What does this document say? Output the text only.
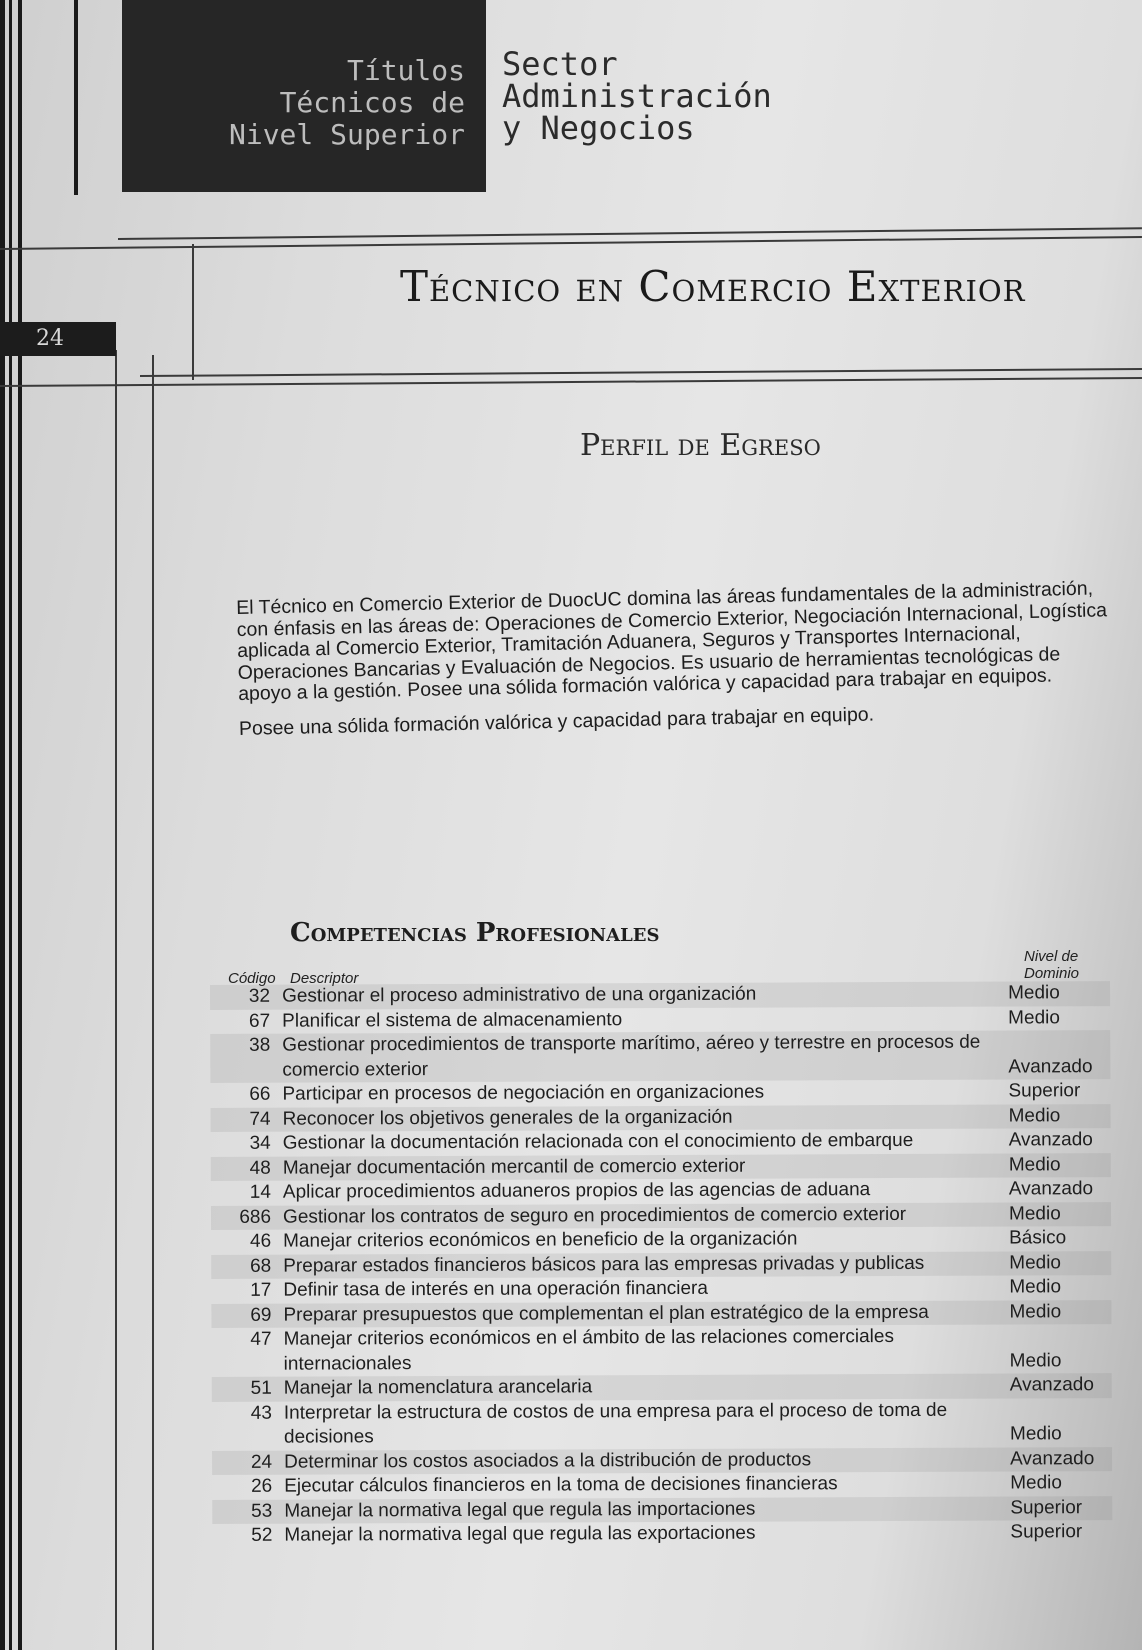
Títulos
Técnicos de
Nivel Superior
Sector
Administración
y Negocios
24
Técnico en Comercio Exterior
Perfil de Egreso

El Técnico en Comercio Exterior de DuocUC domina las áreas fundamentales de la administración, con énfasis en las áreas de: Operaciones de Comercio Exterior, Negociación Internacional, Logística aplicada al Comercio Exterior, Tramitación Aduanera, Seguros y Transportes Internacional, Operaciones Bancarias y Evaluación de Negocios. Es usuario de herramientas tecnológicas de apoyo a la gestión. Posee una sólida formación valórica y capacidad para trabajar en equipos.

Posee una sólida formación valórica y capacidad para trabajar en equipo.

Competencias Profesionales
Código Descriptor
Nivel de
Dominio
32 Gestionar el proceso administrativo de una organización	Medio
67 Planificar el sistema de almacenamiento	Medio
38 Gestionar procedimientos de transporte marítimo, aéreo y terrestre en procesos de comercio exterior	Avanzado
66 Participar en procesos de negociación en organizaciones	Superior
74 Reconocer los objetivos generales de la organización	Medio
34 Gestionar la documentación relacionada con el conocimiento de embarque	Avanzado
48 Manejar documentación mercantil de comercio exterior	Medio
14 Aplicar procedimientos aduaneros propios de las agencias de aduana	Avanzado
686 Gestionar los contratos de seguro en procedimientos de comercio exterior	Medio
46 Manejar criterios económicos en beneficio de la organización	Básico
68 Preparar estados financieros básicos para las empresas privadas y publicas	Medio
17 Definir tasa de interés en una operación financiera	Medio
69 Preparar presupuestos que complementan el plan estratégico de la empresa	Medio
47 Manejar criterios económicos en el ámbito de las relaciones comerciales internacionales	Medio
51 Manejar la nomenclatura arancelaria	Avanzado
43 Interpretar la estructura de costos de una empresa para el proceso de toma de decisiones	Medio
24 Determinar los costos asociados a la distribución de productos	Avanzado
26 Ejecutar cálculos financieros en la toma de decisiones financieras	Medio
53 Manejar la normativa legal que regula las importaciones	Superior
52 Manejar la normativa legal que regula las exportaciones	Superior
